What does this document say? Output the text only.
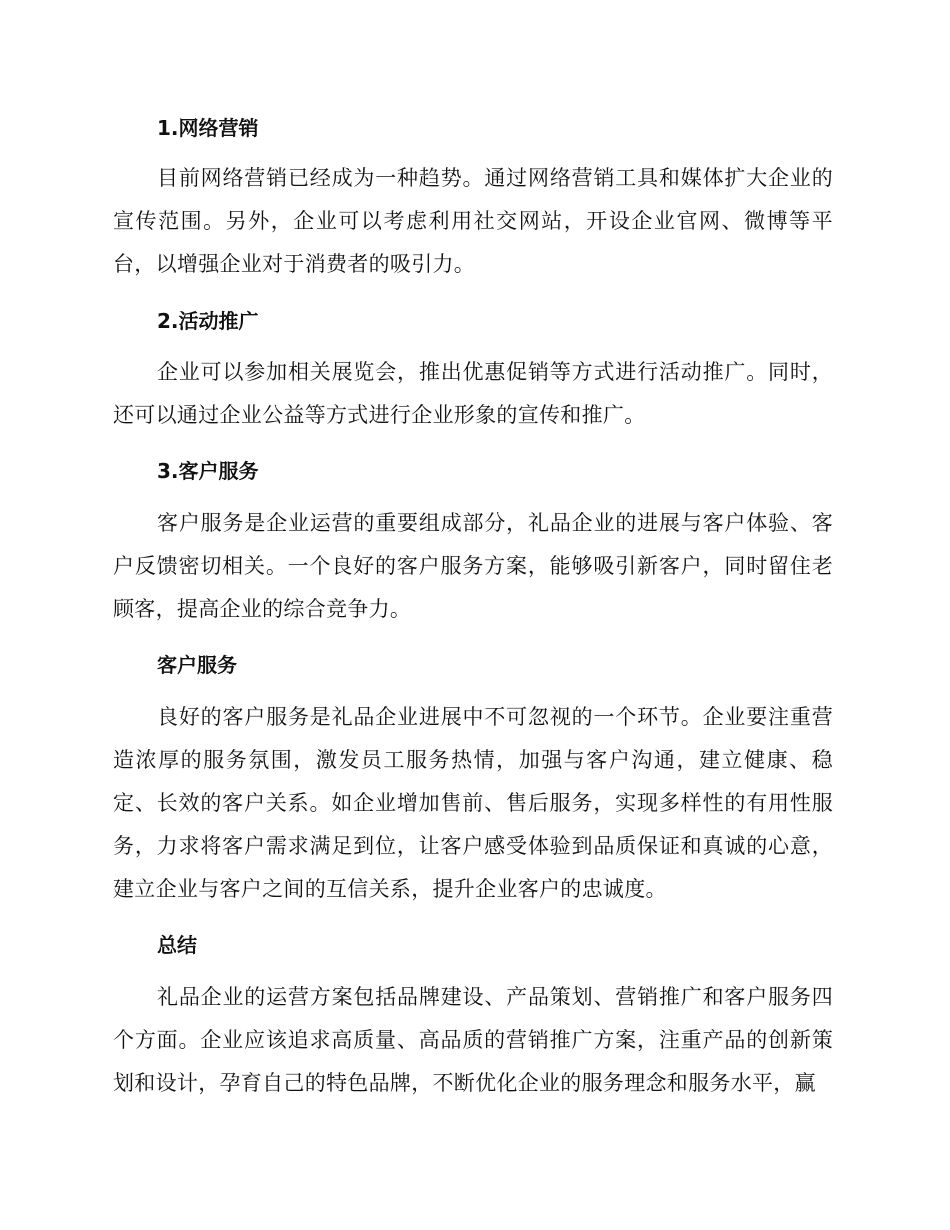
1.网络营销

目前网络营销已经成为一种趋势。通过网络营销工具和媒体扩大企业的宣传范围。另外，企业可以考虑利用社交网站，开设企业官网、微博等平台，以增强企业对于消费者的吸引力。

2.活动推广

企业可以参加相关展览会，推出优惠促销等方式进行活动推广。同时，还可以通过企业公益等方式进行企业形象的宣传和推广。

3.客户服务

客户服务是企业运营的重要组成部分，礼品企业的进展与客户体验、客户反馈密切相关。一个良好的客户服务方案，能够吸引新客户，同时留住老顾客，提高企业的综合竞争力。

客户服务

良好的客户服务是礼品企业进展中不可忽视的一个环节。企业要注重营造浓厚的服务氛围，激发员工服务热情，加强与客户沟通，建立健康、稳定、长效的客户关系。如企业增加售前、售后服务，实现多样性的有用性服务，力求将客户需求满足到位，让客户感受体验到品质保证和真诚的心意，建立企业与客户之间的互信关系，提升企业客户的忠诚度。

总结

礼品企业的运营方案包括品牌建设、产品策划、营销推广和客户服务四个方面。企业应该追求高质量、高品质的营销推广方案，注重产品的创新策划和设计，孕育自己的特色品牌，不断优化企业的服务理念和服务水平，赢
